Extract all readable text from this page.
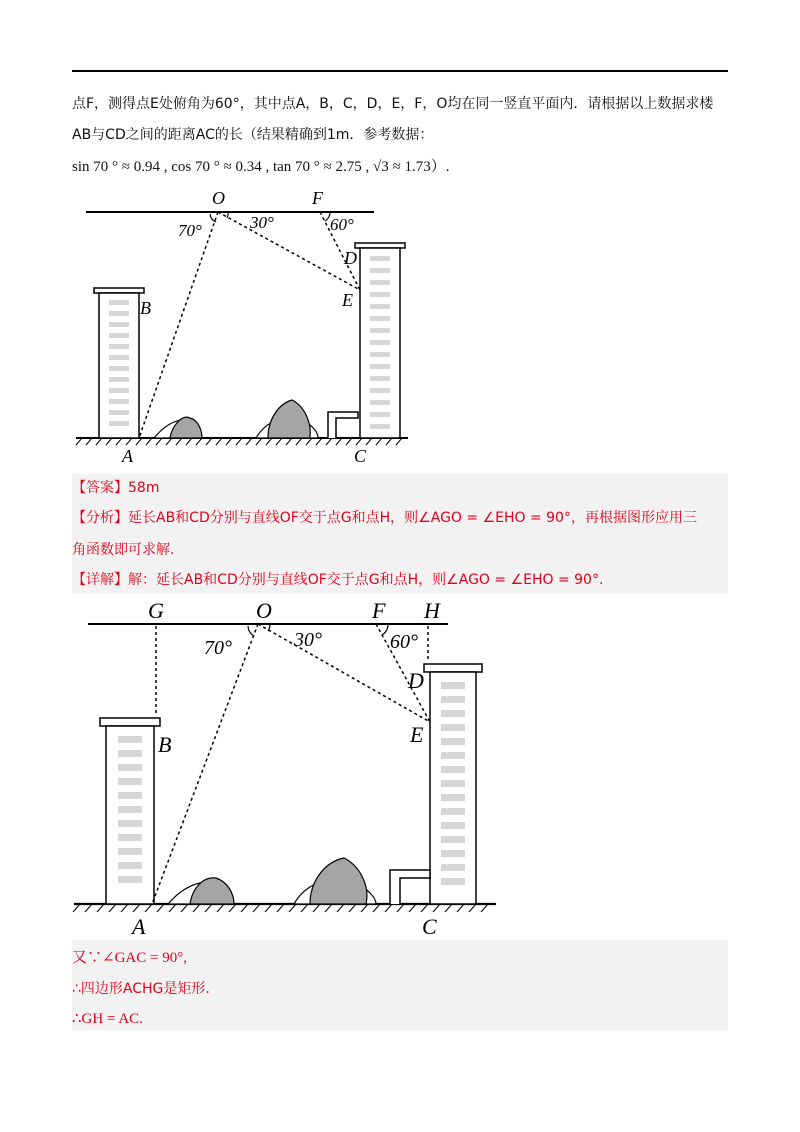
点F，测得点E处俯角为60°，其中点A，B，C，D，E，F，O均在同一竖直平面内．请根据以上数据求楼
AB与CD之间的距离AC的长（结果精确到1m．参考数据：
sin 70 ° ≈ 0.94 , cos 70 ° ≈ 0.34 , tan 70 ° ≈ 2.75 , √3 ≈ 1.73）.
O	F
B
D
E
A	C
70°	30°	60°
【答案】58m
【分析】延长AB和CD分别与直线OF交于点G和点H，则∠AGO = ∠EHO = 90°，再根据图形应用三
角函数即可求解.
【详解】解：延长AB和CD分别与直线OF交于点G和点H，则∠AGO = ∠EHO = 90°.
G	O	F H
B
D
E
A	C
70°	30°	60°
又∵∠GAC = 90°,
∴四边形ACHG是矩形.
∴GH = AC.
